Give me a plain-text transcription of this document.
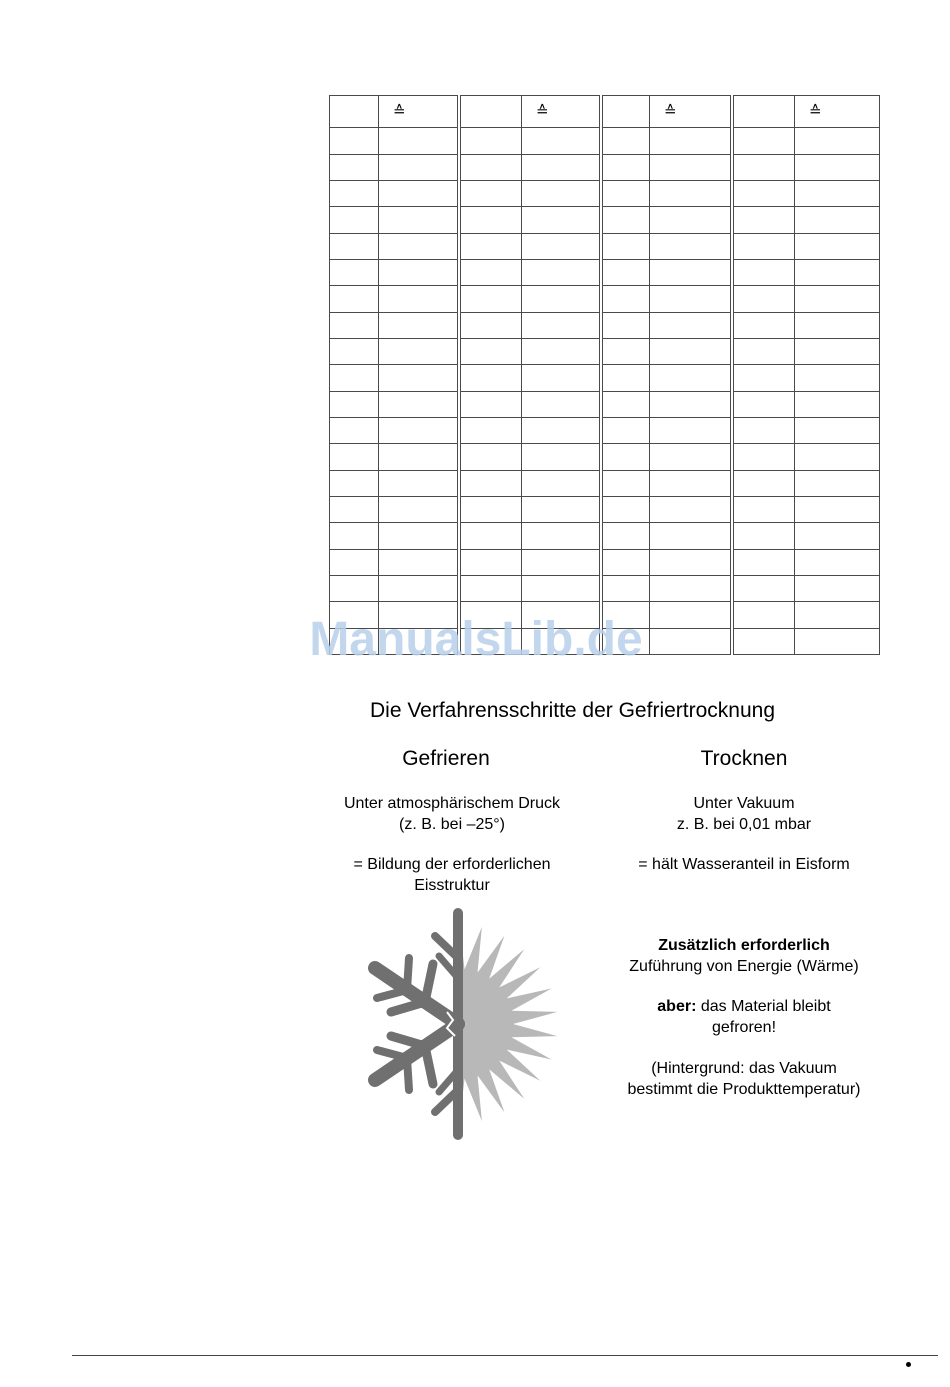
	≙		≙		≙		≙

ManualsLib.de
Die Verfahrensschritte der Gefriertrocknung
Gefrieren	Trocknen
Unter atmosphärischem Druck
(z. B. bei –25°)
= Bildung der erforderlichen
Eisstruktur
Unter Vakuum
z. B. bei 0,01 mbar
= hält Wasseranteil in Eisform
Zusätzlich erforderlich
Zuführung von Energie (Wärme)
aber: das Material bleibt
gefroren!
(Hintergrund: das Vakuum
bestimmt die Produkttemperatur)
